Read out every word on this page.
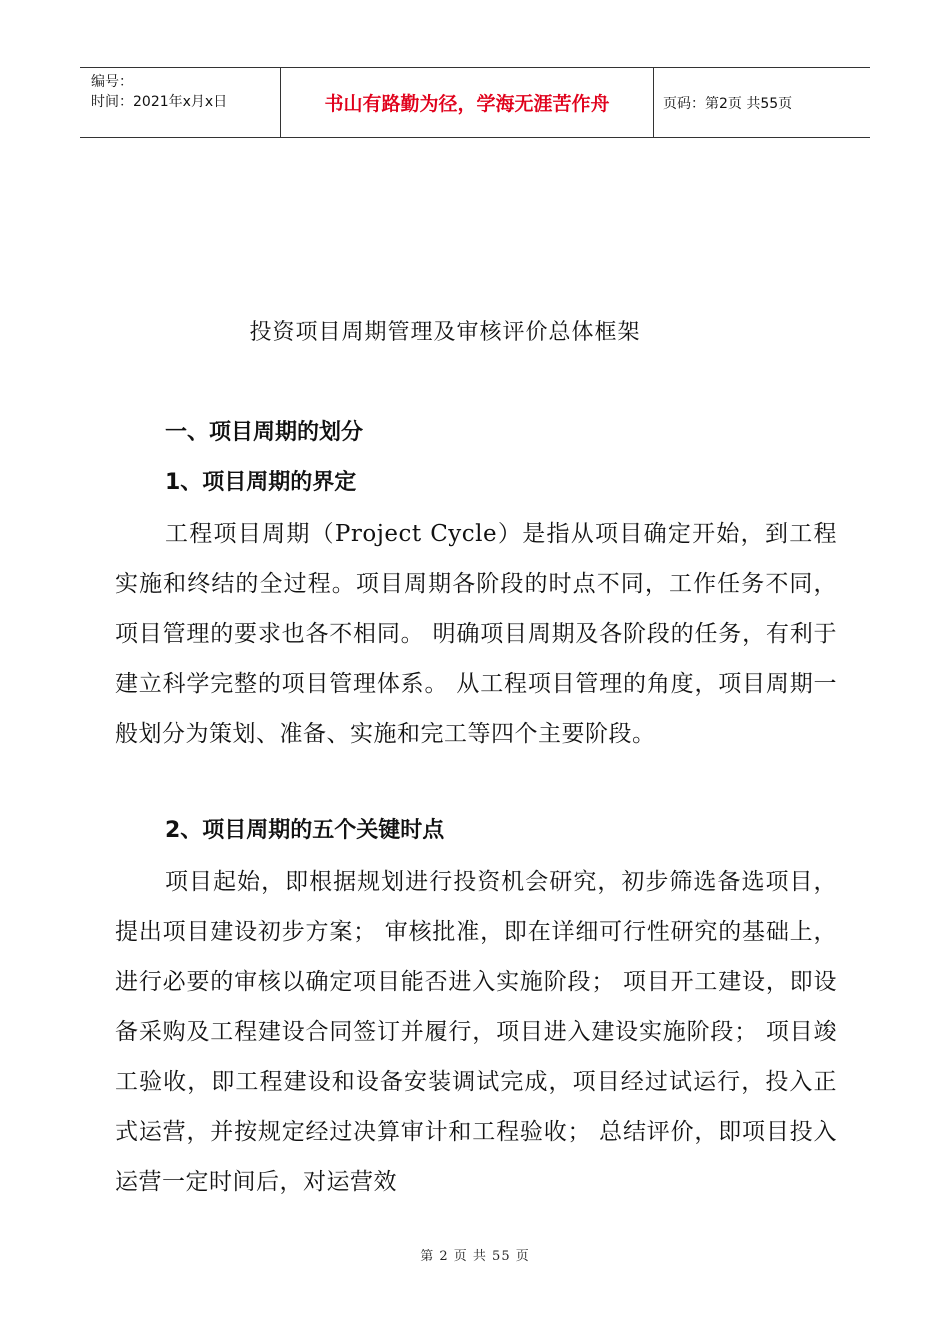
编号：
时间：2021年x月x日	书山有路勤为径，学海无涯苦作舟	页码：第2页 共55页
投资项目周期管理及审核评价总体框架
一、项目周期的划分
1、项目周期的界定
工程项目周期（Project Cycle）是指从项目确定开始，到工程实施和终结的全过程。项目周期各阶段的时点不同，工作任务不同，项目管理的要求也各不相同。 明确项目周期及各阶段的任务，有利于建立科学完整的项目管理体系。 从工程项目管理的角度，项目周期一般划分为策划、准备、实施和完工等四个主要阶段。
2、项目周期的五个关键时点
项目起始，即根据规划进行投资机会研究，初步筛选备选项目，提出项目建设初步方案； 审核批准，即在详细可行性研究的基础上，进行必要的审核以确定项目能否进入实施阶段； 项目开工建设，即设备采购及工程建设合同签订并履行，项目进入建设实施阶段； 项目竣工验收，即工程建设和设备安装调试完成，项目经过试运行，投入正式运营，并按规定经过决算审计和工程验收； 总结评价，即项目投入运营一定时间后，对运营效
第 2 页 共 55 页
